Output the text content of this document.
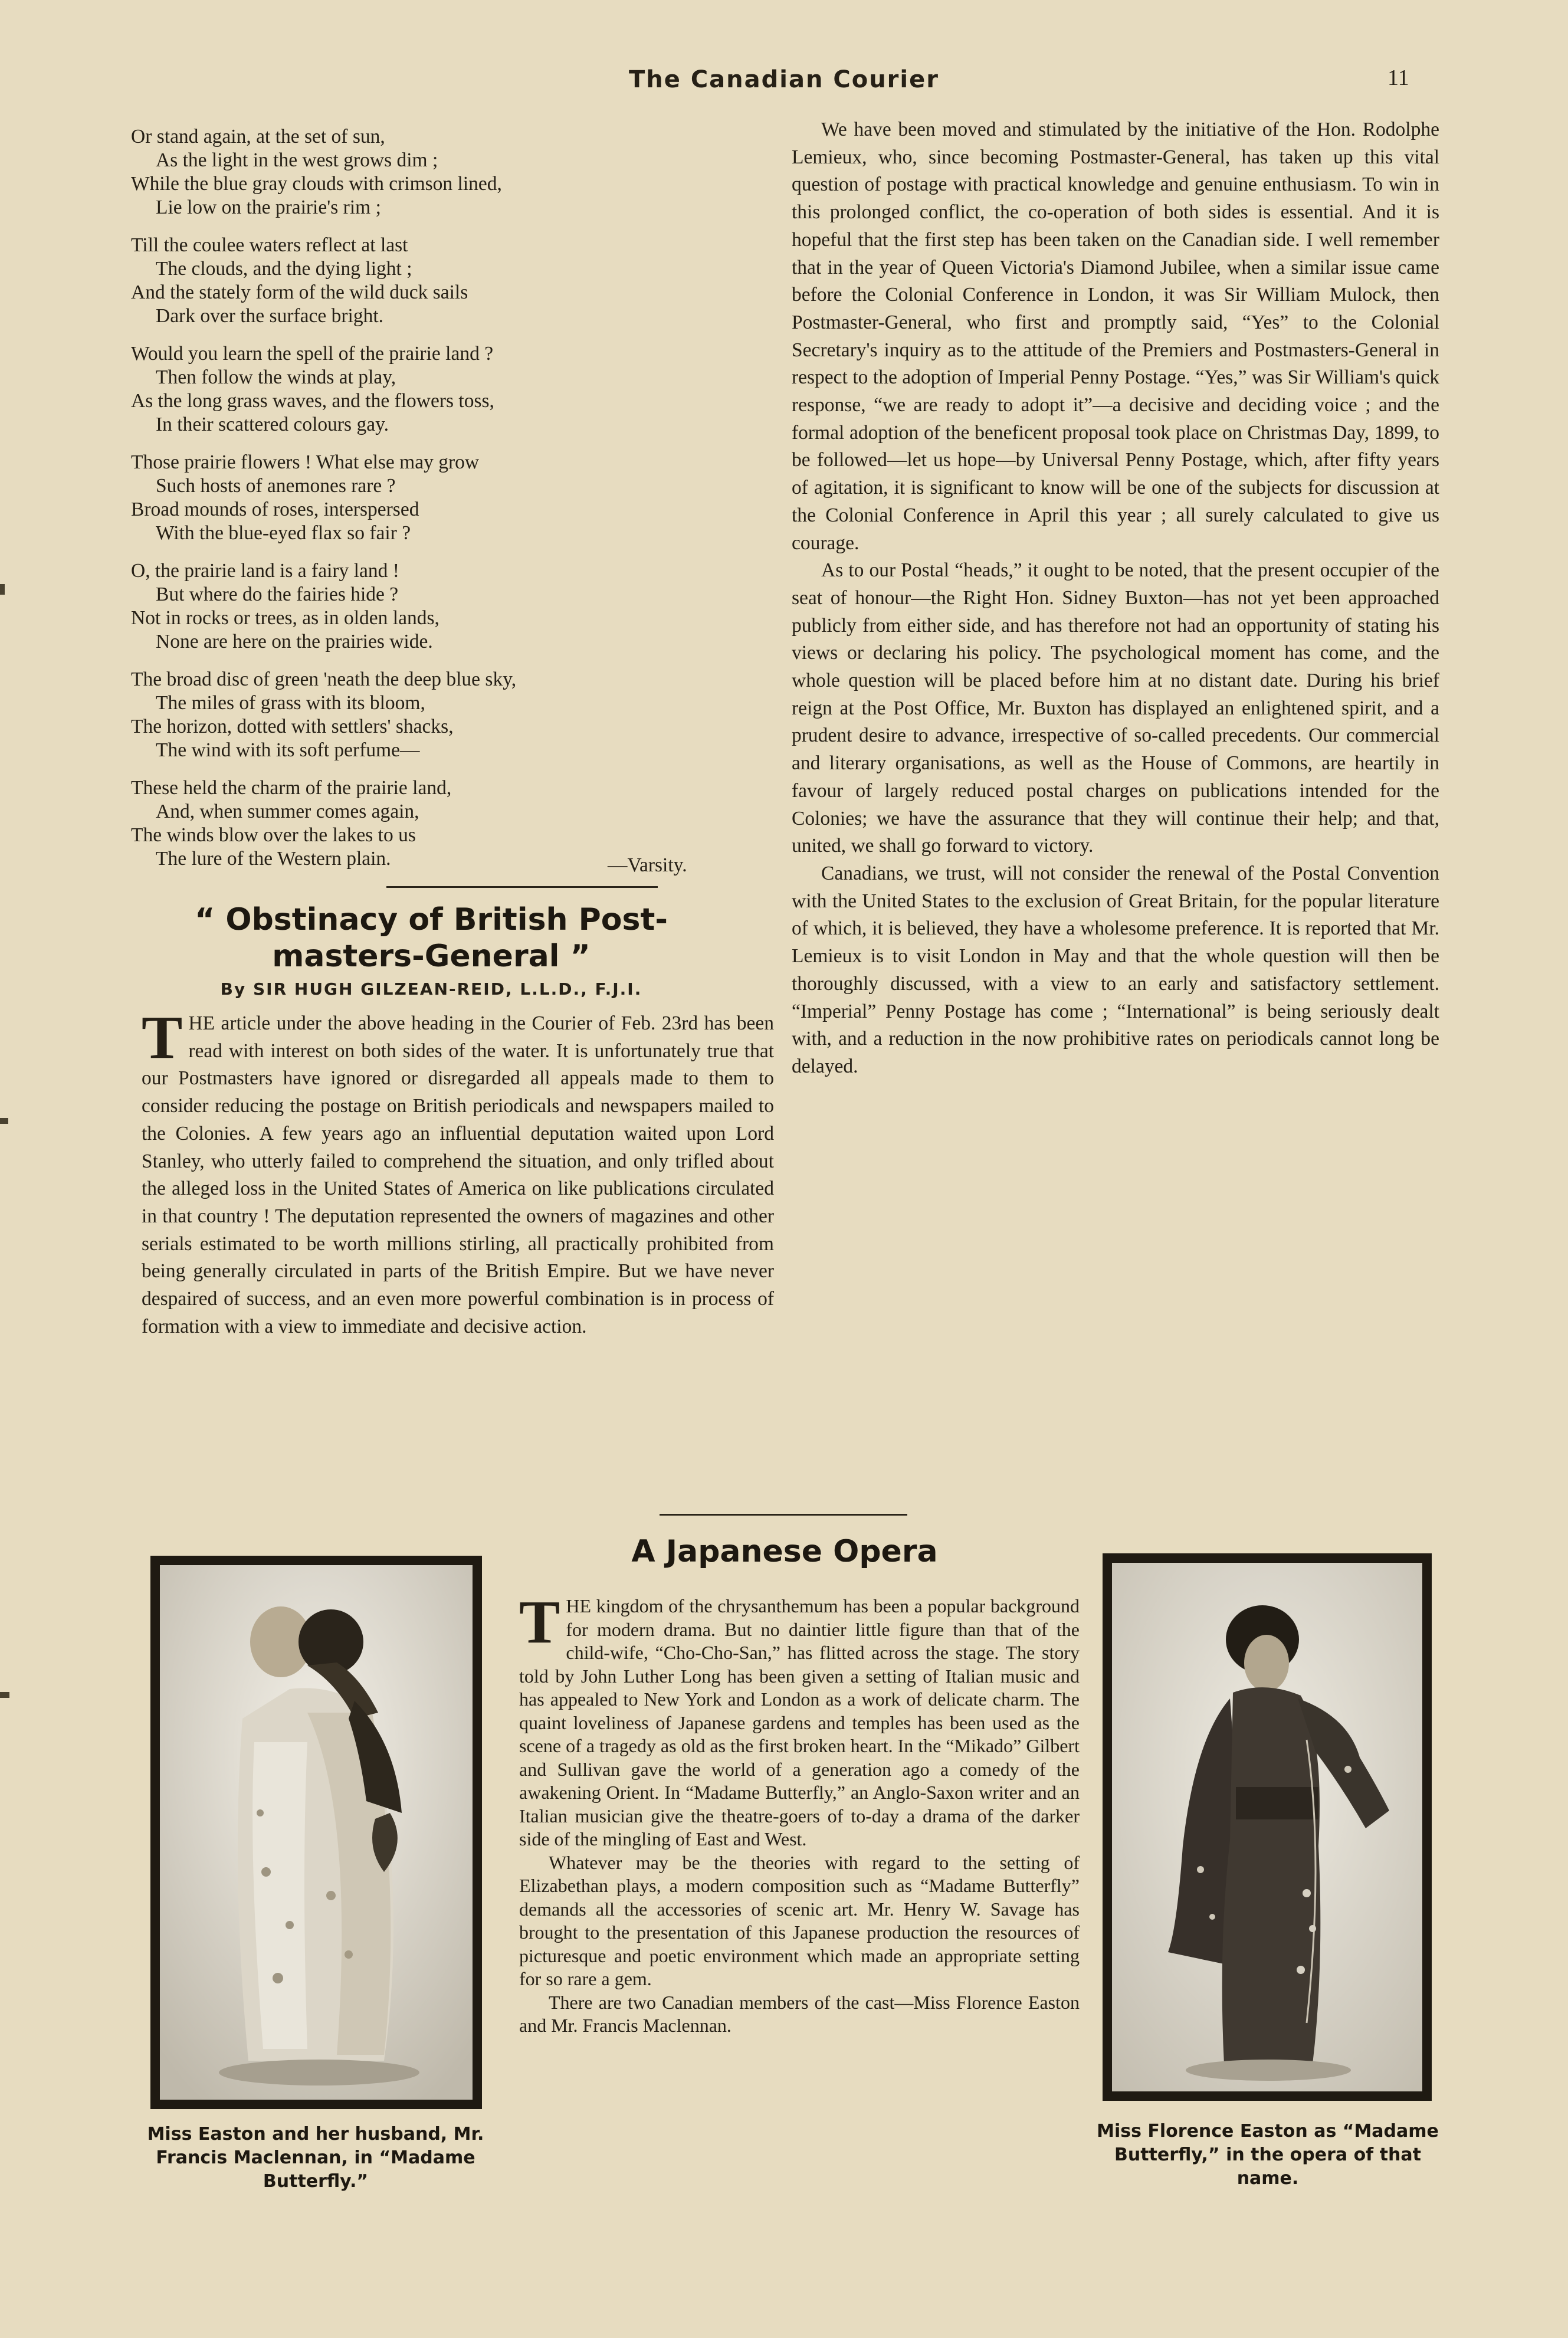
The Canadian Courier	11
Or stand again, at the set of sun,
As the light in the west grows dim ;
While the blue gray clouds with crimson lined,
Lie low on the prairie's rim ;
Till the coulee waters reflect at last
The clouds, and the dying light ;
And the stately form of the wild duck sails
Dark over the surface bright.
Would you learn the spell of the prairie land ?
Then follow the winds at play,
As the long grass waves, and the flowers toss,
In their scattered colours gay.
Those prairie flowers ! What else may grow
Such hosts of anemones rare ?
Broad mounds of roses, interspersed
With the blue-eyed flax so fair ?
O, the prairie land is a fairy land !
But where do the fairies hide ?
Not in rocks or trees, as in olden lands,
None are here on the prairies wide.
The broad disc of green 'neath the deep blue sky,
The miles of grass with its bloom,
The horizon, dotted with settlers' shacks,
The wind with its soft perfume—
These held the charm of the prairie land,
And, when summer comes again,
The winds blow over the lakes to us
The lure of the Western plain.	—Varsity.
“ Obstinacy of British Post-masters-General ”
By SIR HUGH GILZEAN-REID, L.L.D., F.J.I.

THE article under the above heading in the Courier of Feb. 23rd has been read with interest on both sides of the water. It is unfortunately true that our Postmasters have ignored or disregarded all appeals made to them to consider reducing the postage on British periodicals and newspapers mailed to the Colonies. A few years ago an influential deputation waited upon Lord Stanley, who utterly failed to comprehend the situation, and only trifled about the alleged loss in the United States of America on like publications circulated in that country ! The deputation represented the owners of magazines and other serials estimated to be worth millions stirling, all practically prohibited from being generally circulated in parts of the British Empire. But we have never despaired of success, and an even more powerful combination is in process of formation with a view to immediate and decisive action.

We have been moved and stimulated by the initiative of the Hon. Rodolphe Lemieux, who, since becoming Postmaster-General, has taken up this vital question of postage with practical knowledge and genuine enthusiasm. To win in this prolonged conflict, the co-operation of both sides is essential. And it is hopeful that the first step has been taken on the Canadian side. I well remember that in the year of Queen Victoria's Diamond Jubilee, when a similar issue came before the Colonial Conference in London, it was Sir William Mulock, then Postmaster-General, who first and promptly said, “Yes” to the Colonial Secretary's inquiry as to the attitude of the Premiers and Postmasters-General in respect to the adoption of Imperial Penny Postage. “Yes,” was Sir William's quick response, “we are ready to adopt it”—a decisive and deciding voice ; and the formal adoption of the beneficent proposal took place on Christmas Day, 1899, to be followed—let us hope—by Universal Penny Postage, which, after fifty years of agitation, it is significant to know will be one of the subjects for discussion at the Colonial Conference in April this year ; all surely calculated to give us courage.

As to our Postal “heads,” it ought to be noted, that the present occupier of the seat of honour—the Right Hon. Sidney Buxton—has not yet been approached publicly from either side, and has therefore not had an opportunity of stating his views or declaring his policy. The psychological moment has come, and the whole question will be placed before him at no distant date. During his brief reign at the Post Office, Mr. Buxton has displayed an enlightened spirit, and a prudent desire to advance, irrespective of so-called precedents. Our commercial and literary organisations, as well as the House of Commons, are heartily in favour of largely reduced postal charges on publications intended for the Colonies; we have the assurance that they will continue their help; and that, united, we shall go forward to victory.

Canadians, we trust, will not consider the renewal of the Postal Convention with the United States to the exclusion of Great Britain, for the popular literature of which, it is believed, they have a wholesome preference. It is reported that Mr. Lemieux is to visit London in May and that the whole question will then be thoroughly discussed, with a view to an early and satisfactory settlement. “Imperial” Penny Postage has come ; “International” is being seriously dealt with, and a reduction in the now prohibitive rates on periodicals cannot long be delayed.

A Japanese Opera

THE kingdom of the chrysanthemum has been a popular background for modern drama. But no daintier little figure than that of the child-wife, “Cho-Cho-San,” has flitted across the stage. The story told by John Luther Long has been given a setting of Italian music and has appealed to New York and London as a work of delicate charm. The quaint loveliness of Japanese gardens and temples has been used as the scene of a tragedy as old as the first broken heart. In the “Mikado” Gilbert and Sullivan gave the world of a generation ago a comedy of the awakening Orient. In “Madame Butterfly,” an Anglo-Saxon writer and an Italian musician give the theatre-goers of to-day a drama of the darker side of the mingling of East and West.

Whatever may be the theories with regard to the setting of Elizabethan plays, a modern composition such as “Madame Butterfly” demands all the accessories of scenic art. Mr. Henry W. Savage has brought to the presentation of this Japanese production the resources of picturesque and poetic environment which made an appropriate setting for so rare a gem.

There are two Canadian members of the cast—Miss Florence Easton and Mr. Francis Maclennan.

Miss Easton and her husband, Mr. Francis Maclennan, in “Madame Butterfly.”
Miss Florence Easton as “Madame Butterfly,” in the opera of that name.
